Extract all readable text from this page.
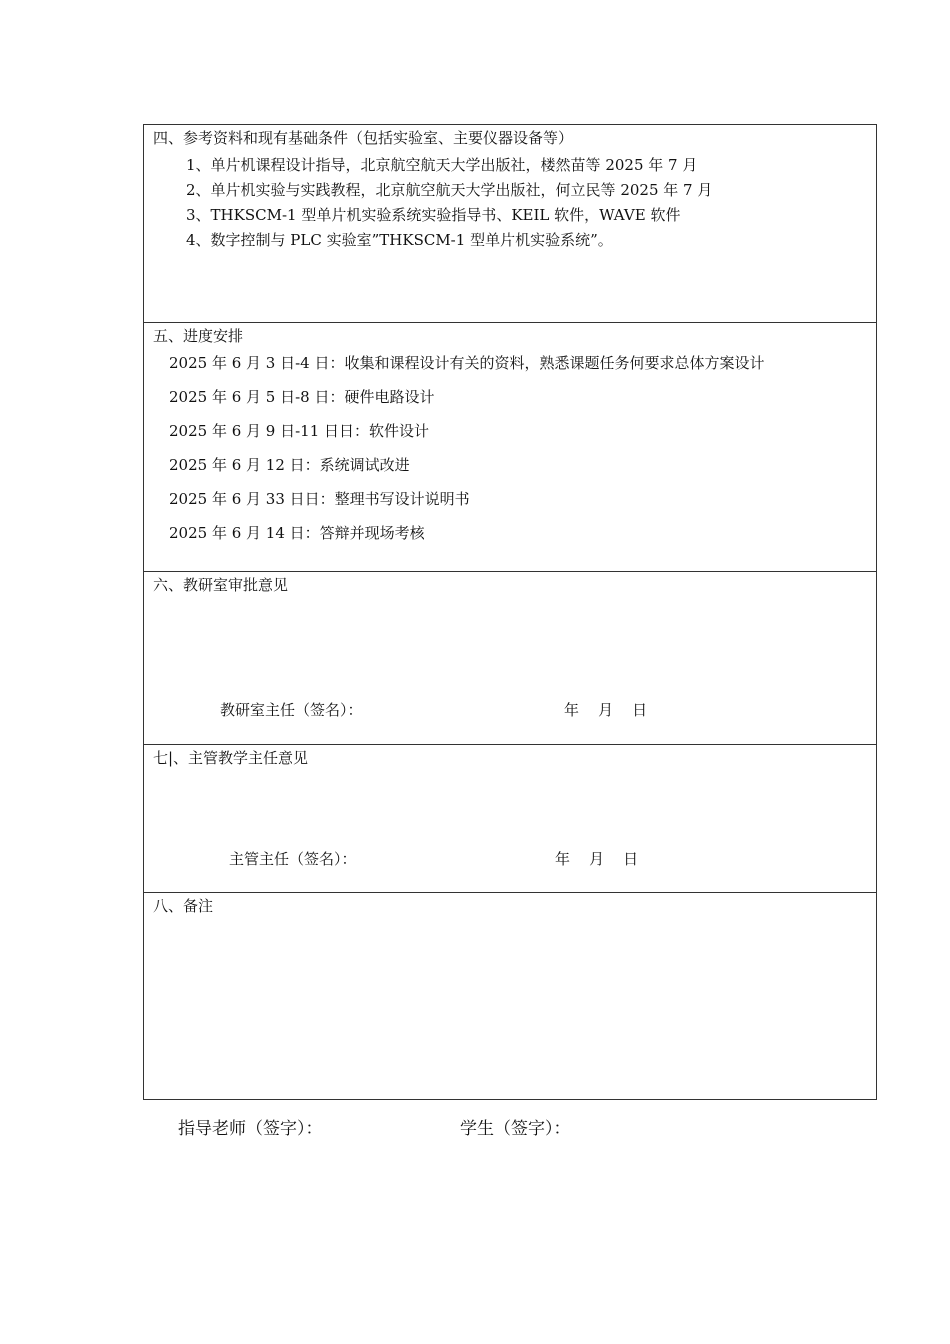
四、参考资料和现有基础条件（包括实验室、主要仪器设备等）
1、单片机课程设计指导，北京航空航天大学出版社，楼然苗等 2025 年 7 月
2、单片机实验与实践教程，北京航空航天大学出版社，何立民等 2025 年 7 月
3、THKSCM-1 型单片机实验系统实验指导书、KEIL 软件，WAVE 软件
4、数字控制与 PLC 实验室”THKSCM-1 型单片机实验系统”。
五、进度安排
2025 年 6 月 3 日-4 日：收集和课程设计有关的资料，熟悉课题任务何要求总体方案设计
2025 年 6 月 5 日-8 日：硬件电路设计
2025 年 6 月 9 日-11 日日：软件设计
2025 年 6 月 12 日：系统调试改进
2025 年 6 月 33 日日：整理书写设计说明书
2025 年 6 月 14 日：答辩并现场考核
六、教研室审批意见
教研室主任（签名）：	年    月    日
七|、主管教学主任意见
主管主任（签名）：	年    月    日
八、备注
指导老师（签字）：	学生（签字）：
